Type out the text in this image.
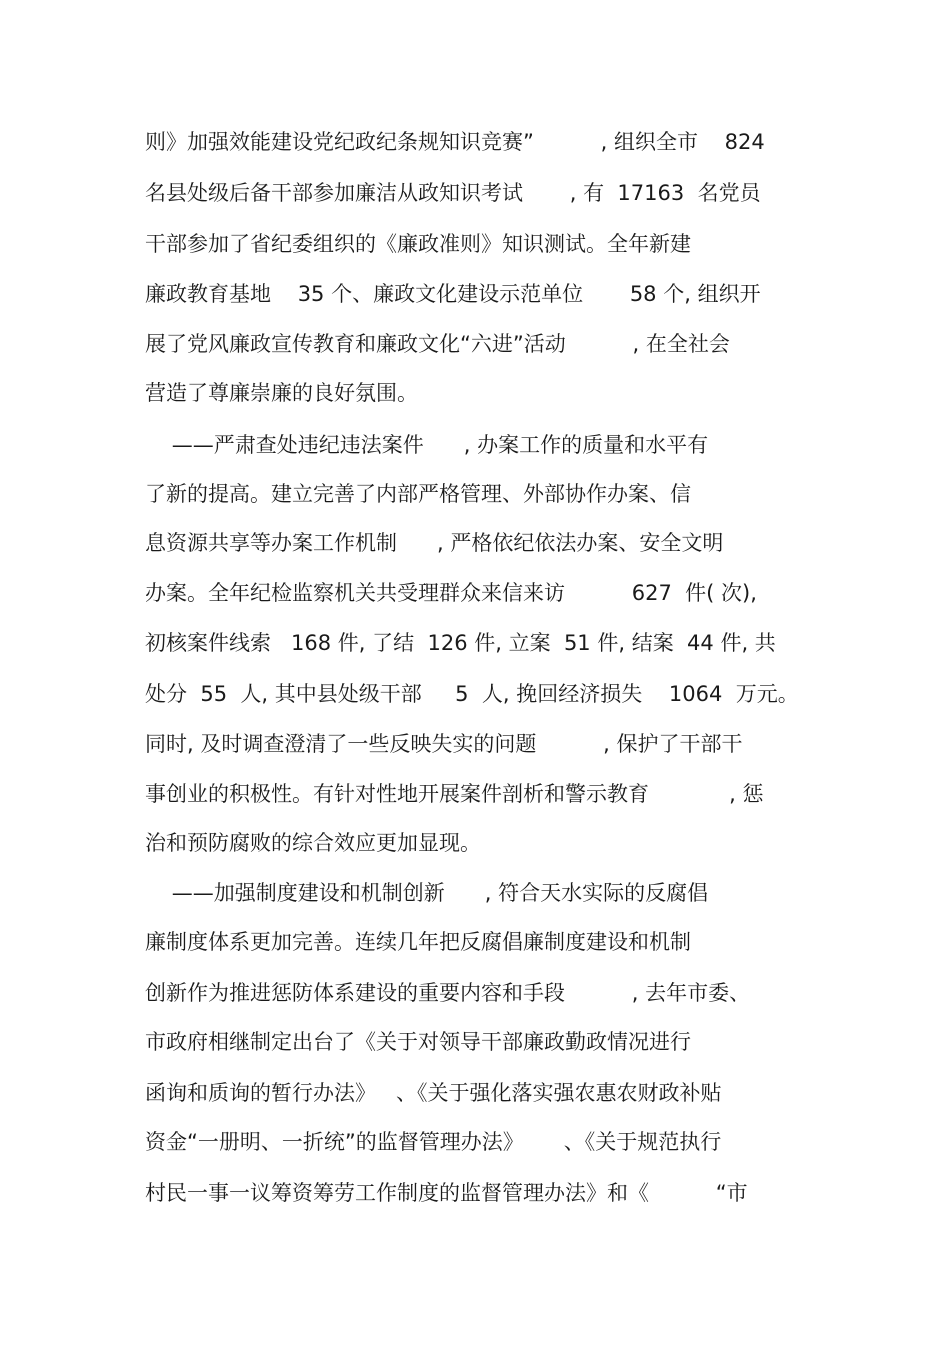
则》加强效能建设党纪政纪条规知识竞赛”          , 组织全市    824
名县处级后备干部参加廉洁从政知识考试       , 有  17163  名党员
干部参加了省纪委组织的《廉政准则》知识测试。全年新建
廉政教育基地    35 个、廉政文化建设示范单位       58 个, 组织开
展了党风廉政宣传教育和廉政文化“六进”活动          , 在全社会
营造了尊廉崇廉的良好氛围。
——严肃查处违纪违法案件      , 办案工作的质量和水平有
了新的提高。建立完善了内部严格管理、外部协作办案、信
息资源共享等办案工作机制      , 严格依纪依法办案、安全文明
办案。全年纪检监察机关共受理群众来信来访          627  件( 次),
初核案件线索   168 件, 了结  126 件, 立案  51 件, 结案  44 件, 共
处分  55  人, 其中县处级干部     5  人, 挽回经济损失    1064  万元。
同时, 及时调查澄清了一些反映失实的问题          , 保护了干部干
事创业的积极性。有针对性地开展案件剖析和警示教育            , 惩
治和预防腐败的综合效应更加显现。
——加强制度建设和机制创新      , 符合天水实际的反腐倡
廉制度体系更加完善。连续几年把反腐倡廉制度建设和机制
创新作为推进惩防体系建设的重要内容和手段          , 去年市委、
市政府相继制定出台了《关于对领导干部廉政勤政情况进行
函询和质询的暂行办法》   、《关于强化落实强农惠农财政补贴
资金“一册明、一折统”的监督管理办法》      、《关于规范执行
村民一事一议筹资筹劳工作制度的监督管理办法》和《          “市
